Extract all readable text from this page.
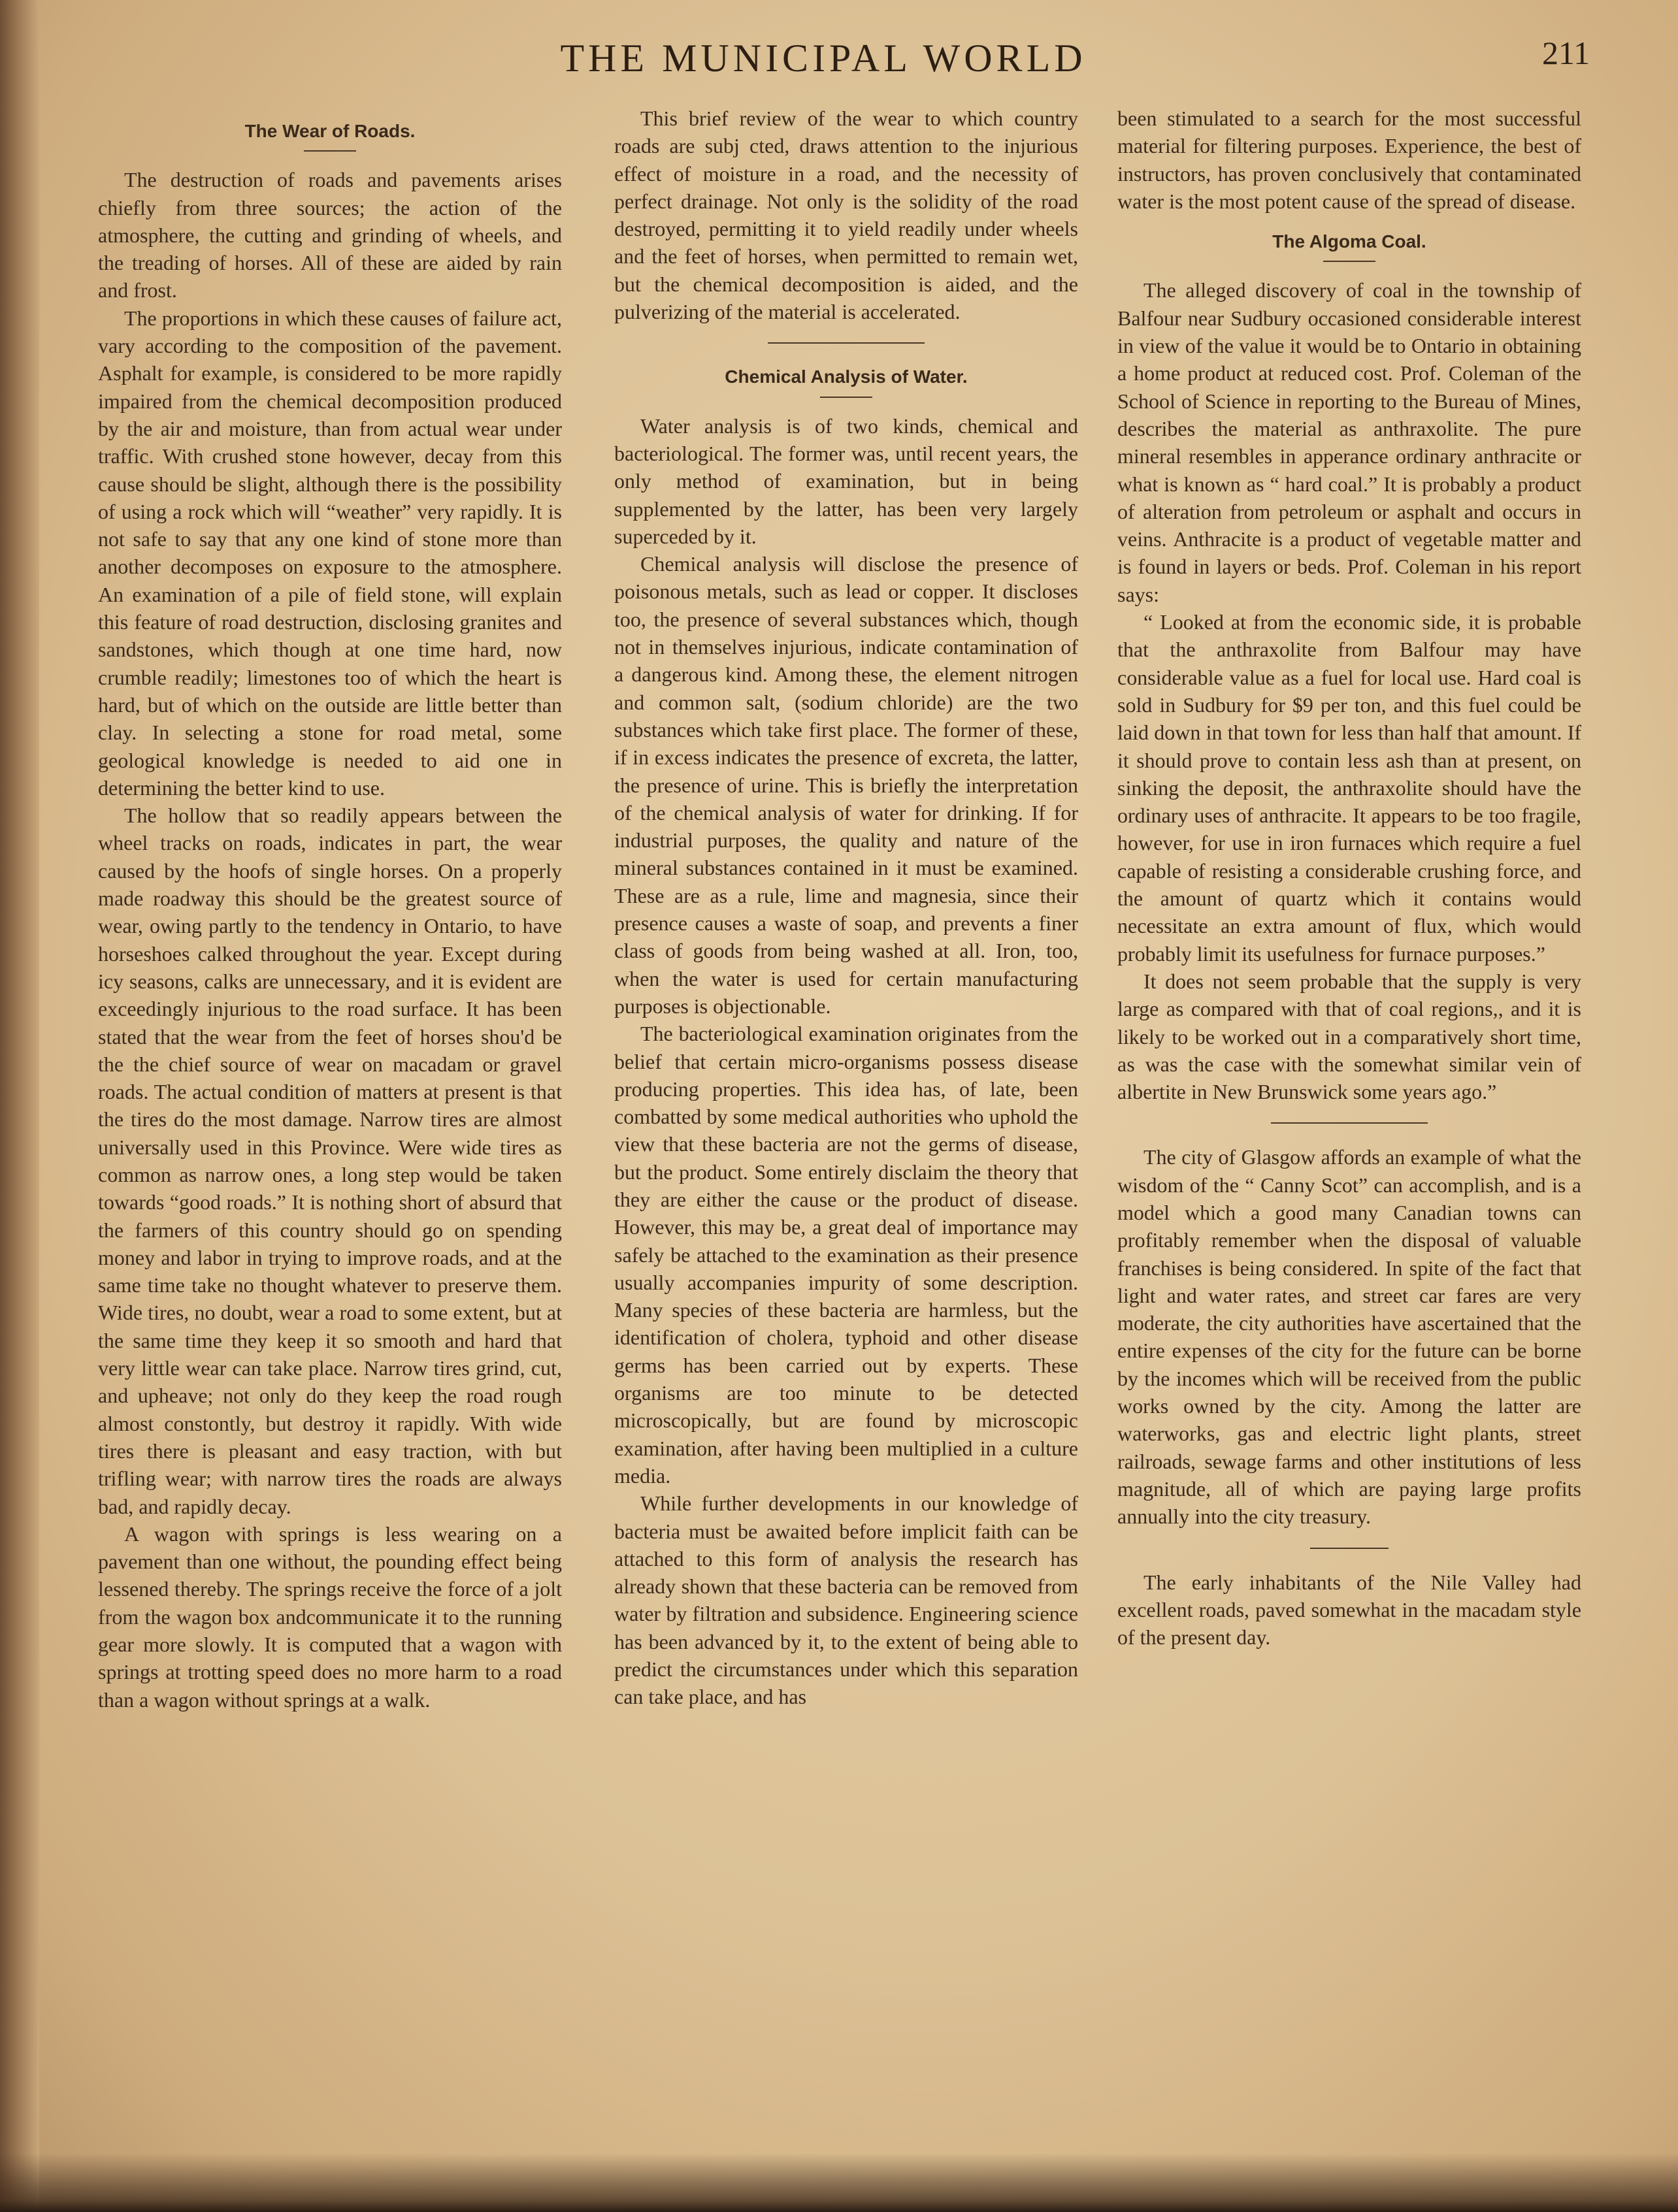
THE MUNICIPAL WORLD	211
The Wear of Roads.

The destruction of roads and pavements arises chiefly from three sources; the action of the atmosphere, the cutting and grinding of wheels, and the treading of horses. All of these are aided by rain and frost.

The proportions in which these causes of failure act, vary according to the composition of the pavement. Asphalt for example, is considered to be more rapidly impaired from the chemical decomposition produced by the air and moisture, than from actual wear under traffic. With crushed stone however, decay from this cause should be slight, although there is the possibility of using a rock which will “weather” very rapidly. It is not safe to say that any one kind of stone more than another decomposes on exposure to the atmosphere. An examination of a pile of field stone, will explain this feature of road destruction, disclosing granites and sandstones, which though at one time hard, now crumble readily; limestones too of which the heart is hard, but of which on the outside are little better than clay. In selecting a stone for road metal, some geological knowledge is needed to aid one in determining the better kind to use.

The hollow that so readily appears between the wheel tracks on roads, indicates in part, the wear caused by the hoofs of single horses. On a properly made roadway this should be the greatest source of wear, owing partly to the tendency in Ontario, to have horseshoes calked throughout the year. Except during icy seasons, calks are unnecessary, and it is evident are exceedingly injurious to the road surface. It has been stated that the wear from the feet of horses shou'd be the the chief source of wear on macadam or gravel roads. The actual condition of matters at present is that the tires do the most damage. Narrow tires are almost universally used in this Province. Were wide tires as common as narrow ones, a long step would be taken towards “good roads.” It is nothing short of absurd that the farmers of this country should go on spending money and labor in trying to improve roads, and at the same time take no thought whatever to preserve them. Wide tires, no doubt, wear a road to some extent, but at the same time they keep it so smooth and hard that very little wear can take place. Narrow tires grind, cut, and upheave; not only do they keep the road rough almost constontly, but destroy it rapidly. With wide tires there is pleasant and easy traction, with but trifling wear; with narrow tires the roads are always bad, and rapidly decay.

A wagon with springs is less wearing on a pavement than one without, the pounding effect being lessened thereby. The springs receive the force of a jolt from the wagon box andcommunicate it to the running gear more slowly. It is computed that a wagon with springs at trotting speed does no more harm to a road than a wagon without springs at a walk.

This brief review of the wear to which country roads are subj cted, draws attention to the injurious effect of moisture in a road, and the necessity of perfect drainage. Not only is the solidity of the road destroyed, permitting it to yield readily under wheels and the feet of horses, when permitted to remain wet, but the chemical decomposition is aided, and the pulverizing of the material is accelerated.

Chemical Analysis of Water.

Water analysis is of two kinds, chemical and bacteriological. The former was, until recent years, the only method of examination, but in being supplemented by the latter, has been very largely superceded by it.

Chemical analysis will disclose the presence of poisonous metals, such as lead or copper. It discloses too, the presence of several substances which, though not in themselves injurious, indicate contamination of a dangerous kind. Among these, the element nitrogen and common salt, (sodium chloride) are the two substances which take first place. The former of these, if in excess indicates the presence of excreta, the latter, the presence of urine. This is briefly the interpretation of the chemical analysis of water for drinking. If for industrial purposes, the quality and nature of the mineral substances contained in it must be examined. These are as a rule, lime and magnesia, since their presence causes a waste of soap, and prevents a finer class of goods from being washed at all. Iron, too, when the water is used for certain manufacturing purposes is objectionable.

The bacteriological examination originates from the belief that certain micro-organisms possess disease producing properties. This idea has, of late, been combatted by some medical authorities who uphold the view that these bacteria are not the germs of disease, but the product. Some entirely disclaim the theory that they are either the cause or the product of disease. However, this may be, a great deal of importance may safely be attached to the examination as their presence usually accompanies impurity of some description. Many species of these bacteria are harmless, but the identification of cholera, typhoid and other disease germs has been carried out by experts. These organisms are too minute to be detected microscopically, but are found by microscopic examination, after having been multiplied in a culture media.

While further developments in our knowledge of bacteria must be awaited before implicit faith can be attached to this form of analysis the research has already shown that these bacteria can be removed from water by filtration and subsidence. Engineering science has been advanced by it, to the extent of being able to predict the circumstances under which this separation can take place, and has

been stimulated to a search for the most successful material for filtering purposes. Experience, the best of instructors, has proven conclusively that contaminated water is the most potent cause of the spread of disease.

The Algoma Coal.

The alleged discovery of coal in the township of Balfour near Sudbury occasioned considerable interest in view of the value it would be to Ontario in obtaining a home product at reduced cost. Prof. Coleman of the School of Science in reporting to the Bureau of Mines, describes the material as anthraxolite. The pure mineral resembles in apperance ordinary anthracite or what is known as “ hard coal.” It is probably a product of alteration from petroleum or asphalt and occurs in veins. Anthracite is a product of vegetable matter and is found in layers or beds. Prof. Coleman in his report says:

“ Looked at from the economic side, it is probable that the anthraxolite from Balfour may have considerable value as a fuel for local use. Hard coal is sold in Sudbury for $9 per ton, and this fuel could be laid down in that town for less than half that amount. If it should prove to contain less ash than at present, on sinking the deposit, the anthraxolite should have the ordinary uses of anthracite. It appears to be too fragile, however, for use in iron furnaces which require a fuel capable of resisting a considerable crushing force, and the amount of quartz which it contains would necessitate an extra amount of flux, which would probably limit its usefulness for furnace purposes.”

It does not seem probable that the supply is very large as compared with that of coal regions,, and it is likely to be worked out in a comparatively short time, as was the case with the somewhat similar vein of albertite in New Brunswick some years ago.”

The city of Glasgow affords an example of what the wisdom of the “ Canny Scot” can accomplish, and is a model which a good many Canadian towns can profitably remember when the disposal of valuable franchises is being considered. In spite of the fact that light and water rates, and street car fares are very moderate, the city authorities have ascertained that the entire expenses of the city for the future can be borne by the incomes which will be received from the public works owned by the city. Among the latter are waterworks, gas and electric light plants, street railroads, sewage farms and other institutions of less magnitude, all of which are paying large profits annually into the city treasury.

The early inhabitants of the Nile Valley had excellent roads, paved somewhat in the macadam style of the present day.
